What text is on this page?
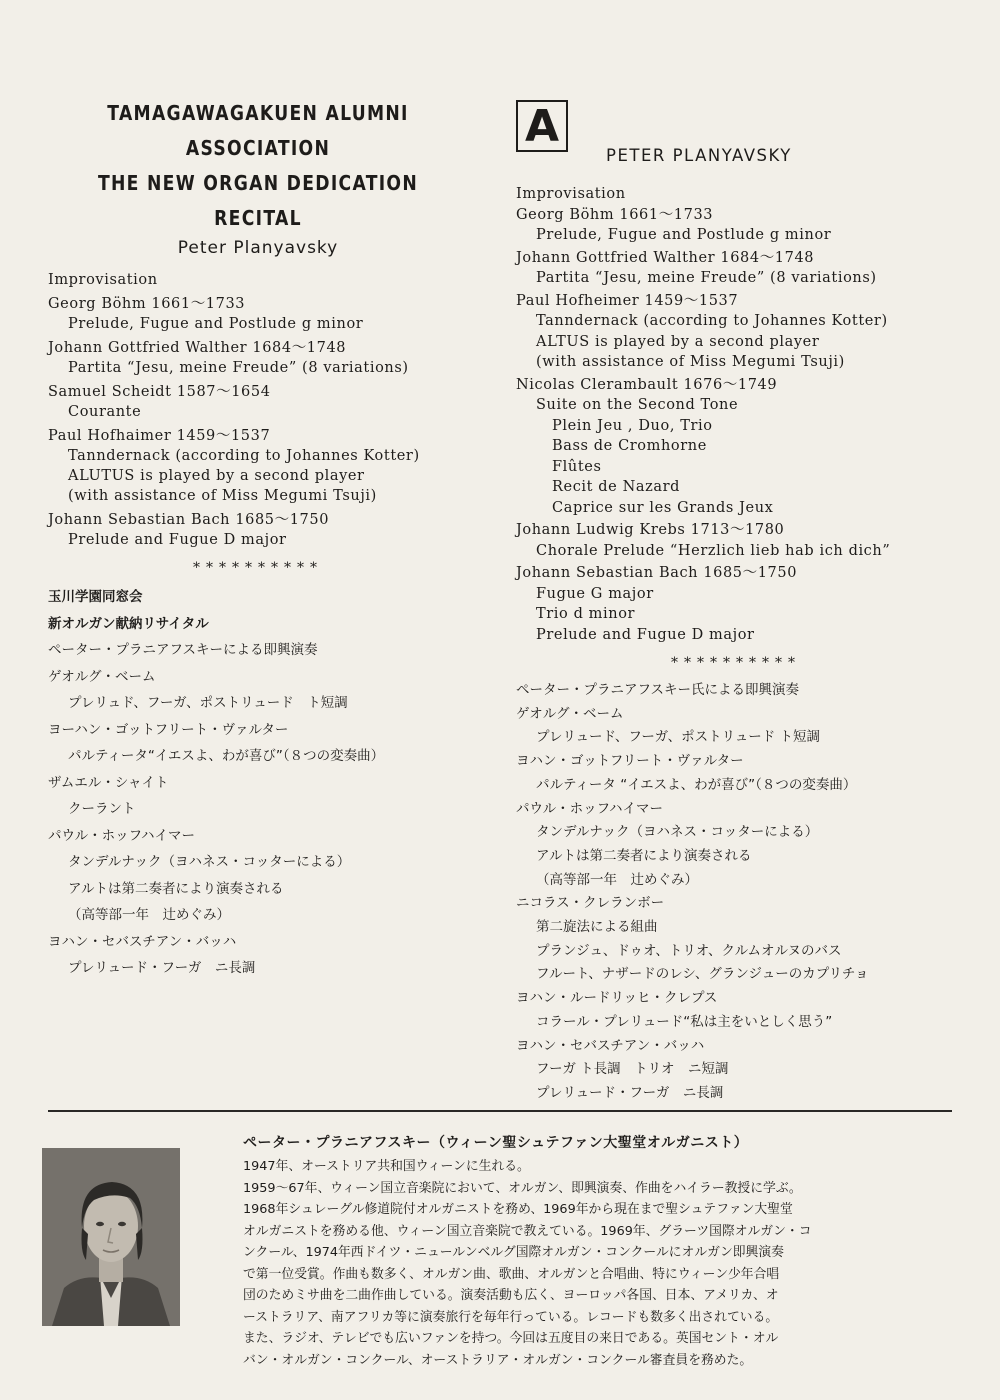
TAMAGAWAGAKUEN ALUMNI ASSOCIATION
THE NEW ORGAN DEDICATION
RECITAL
Peter Planyavsky
Improvisation
Georg Böhm 1661～1733
Prelude, Fugue and Postlude g minor
Johann Gottfried Walther 1684～1748
Partita “Jesu, meine Freude” (8 variations)
Samuel Scheidt 1587～1654
Courante
Paul Hofhaimer 1459～1537
Tanndernack (according to Johannes Kotter)
ALUTUS is played by a second player
(with assistance of Miss Megumi Tsuji)
Johann Sebastian Bach 1685～1750
Prelude and Fugue D major
**********
玉川学園同窓会
新オルガン献納リサイタル
ペーター・プラニアフスキーによる即興演奏
ゲオルグ・ベーム
プレリュド、フーガ、ポストリュード　ト短調
ヨーハン・ゴットフリート・ヴァルター
パルティータ“イエスよ、わが喜び”（８つの変奏曲）
ザムエル・シャイト
クーラント
パウル・ホッフハイマー
タンデルナック（ヨハネス・コッターによる）
アルトは第二奏者により演奏される
（高等部一年　辻めぐみ）
ヨハン・セバスチアン・バッハ
プレリュード・フーガ　ニ長調
A
PETER PLANYAVSKY
Improvisation
Georg Böhm 1661～1733
Prelude, Fugue and Postlude g minor
Johann Gottfried Walther 1684～1748
Partita “Jesu, meine Freude” (8 variations)
Paul Hofheimer 1459～1537
Tanndernack (according to Johannes Kotter)
ALTUS is played by a second player
(with assistance of Miss Megumi Tsuji)
Nicolas Clerambault 1676～1749
Suite on the Second Tone
Plein Jeu , Duo, Trio
Bass de Cromhorne
Flûtes
Recit de Nazard
Caprice sur les Grands Jeux
Johann Ludwig Krebs 1713～1780
Chorale Prelude “Herzlich lieb hab ich dich”
Johann Sebastian Bach 1685～1750
Fugue G major
Trio d minor
Prelude and Fugue D major
**********
ペーター・プラニアフスキー氏による即興演奏
ゲオルグ・ベーム
プレリュード、フーガ、ポストリュード ト短調
ヨハン・ゴットフリート・ヴァルター
パルティータ “イエスよ、わが喜び”（８つの変奏曲）
パウル・ホッフハイマー
タンデルナック（ヨハネス・コッターによる）
アルトは第二奏者により演奏される
（高等部一年　辻めぐみ）
ニコラス・クレランボー
第二旋法による組曲
プランジュ、ドゥオ、トリオ、クルムオルヌのバス
フルート、ナザードのレシ、グランジューのカプリチョ
ヨハン・ルードリッヒ・クレプス
コラール・プレリュード“私は主をいとしく思う”
ヨハン・セバスチアン・バッハ
フーガ ト長調　トリオ　ニ短調
プレリュード・フーガ　ニ長調
ペーター・プラニアフスキー（ウィーン聖シュテファン大聖堂オルガニスト）
1947年、オーストリア共和国ウィーンに生れる。
1959～67年、ウィーン国立音楽院において、オルガン、即興演奏、作曲をハイラー教授に学ぶ。
1968年シュレーグル修道院付オルガニストを務め、1969年から現在まで聖シュテファン大聖堂
オルガニストを務める他、ウィーン国立音楽院で教えている。1969年、グラーツ国際オルガン・コ
ンクール、1974年西ドイツ・ニュールンベルグ国際オルガン・コンクールにオルガン即興演奏
で第一位受賞。作曲も数多く、オルガン曲、歌曲、オルガンと合唱曲、特にウィーン少年合唱
団のためミサ曲を二曲作曲している。演奏活動も広く、ヨーロッパ各国、日本、アメリカ、オ
ーストラリア、南アフリカ等に演奏旅行を毎年行っている。レコードも数多く出されている。
また、ラジオ、テレビでも広いファンを持つ。今回は五度目の来日である。英国セント・オル
バン・オルガン・コンクール、オーストラリア・オルガン・コンクール審査員を務めた。
